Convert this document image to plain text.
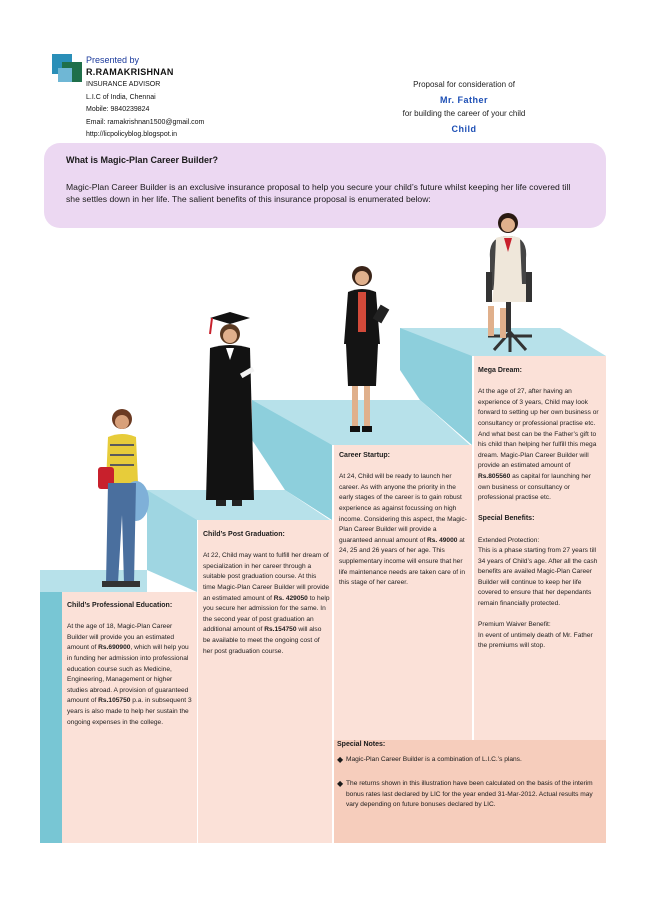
Presented by
R.RAMAKRISHNAN
INSURANCE ADVISOR
L.I.C of India, Chennai
Mobile: 9840239824
Email: ramakrishnan1500@gmail.com
http://licpolicyblog.blogspot.in
Proposal for consideration of
Mr. Father
for building the career of your child
Child
What is Magic-Plan Career Builder?
Magic-Plan Career Builder is an exclusive insurance proposal to help you secure your child’s future whilst keeping her life covered till she settles down in her life. The salient benefits of this insurance proposal is enumerated below:
Child’s Professional Education:
At the age of 18, Magic-Plan Career Builder will provide you an estimated amount of Rs.690900, which will help you in funding her admission into professional education course such as Medicine, Engineering, Management or higher studies abroad. A provision of guaranteed amount of Rs.105750 p.a. in subsequent 3 years is also made to help her sustain the ongoing expenses in the college.
Child’s Post Graduation:
At 22, Child may want to fulfill her dream of specialization in her career through a suitable post graduation course. At this time Magic-Plan Career Builder will provide an estimated amount of Rs. 429050 to help you secure her admission for the same. In the second year of post graduation an additional amount of Rs.154750 will also be available to meet the ongoing cost of her post graduation course.
Career Startup:
At 24, Child will be ready to launch her career. As with anyone the priority in the early stages of the career is to gain robust experience as against focussing on high income. Considering this aspect, the Magic-Plan Career Builder will provide a guaranteed annual amount of Rs. 49000 at 24, 25 and 26 years of her age. This supplementary income will ensure that her life maintenance needs are taken care of in this stage of her career.
Mega Dream:
At the age of 27, after having an experience of 3 years, Child may look forward to setting up her own business or consultancy or professional practise etc. And what best can be the Father’s gift to his child than helping her fulfill this mega dream. Magic-Plan Career Builder will provide an estimated amount of Rs.805560 as capital for launching her own business or consultancy or professional practise etc.
Special Benefits:
Extended Protection:
This is a phase starting from 27 years till 34 years of Child’s age. After all the cash benefits are availed Magic-Plan Career Builder will continue to keep her life covered to ensure that her dependants remain financially protected.
Premium Waiver Benefit:
In event of untimely death of Mr. Father the premiums will stop.
Special Notes:
◆ Magic-Plan Career Builder is a combination of L.I.C.’s plans.
◆ The returns shown in this illustration have been calculated on the basis of the interim bonus rates last declared by LIC for the year ended 31-Mar-2012. Actual results may vary depending on future bonuses declared by LIC.
